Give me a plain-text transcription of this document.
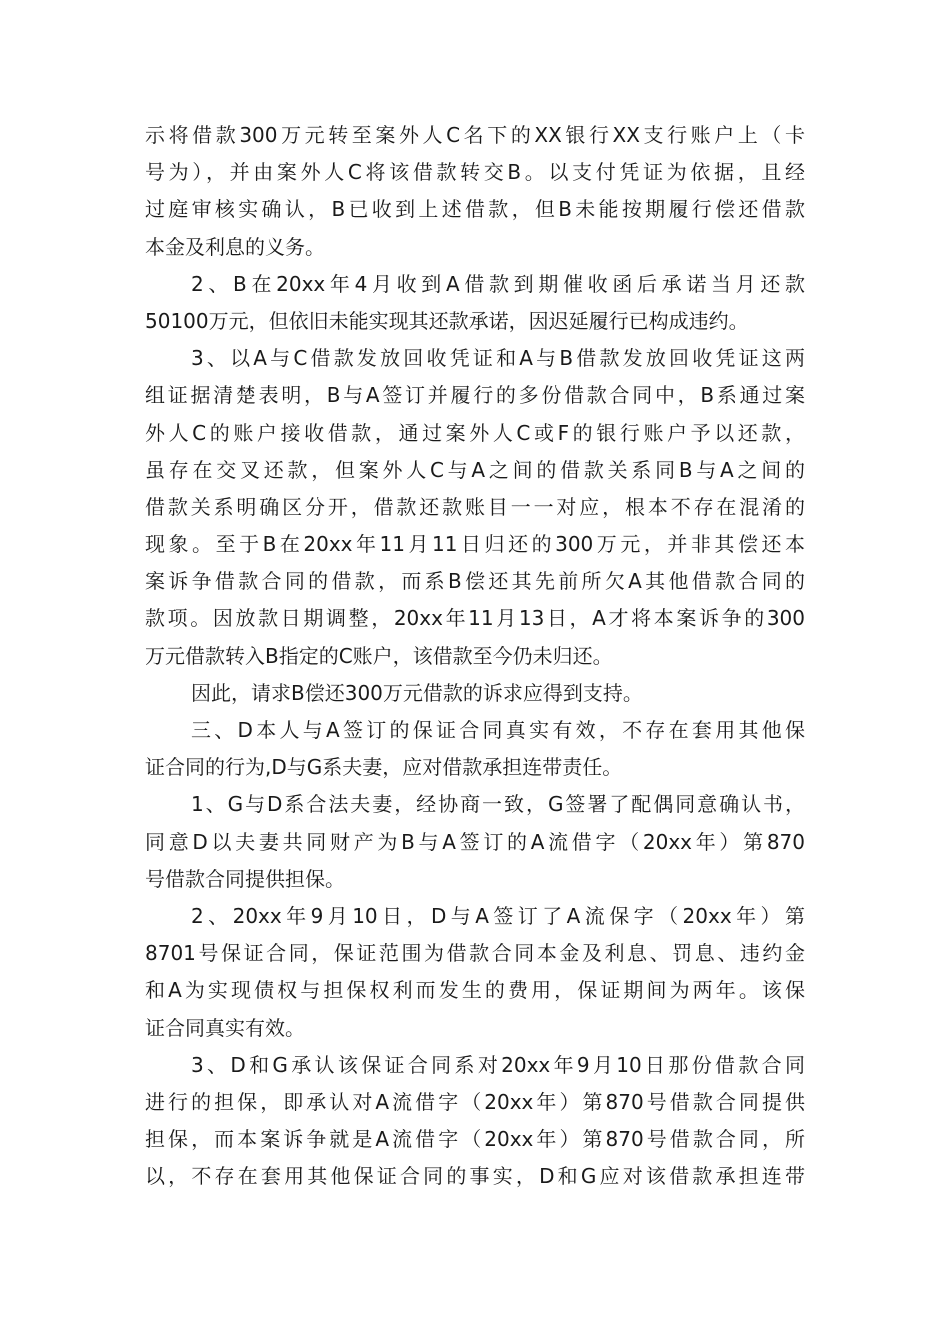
示将借款300万元转至案外人C名下的XX银行XX支行账户上（卡
号为），并由案外人C将该借款转交B。以支付凭证为依据，且经
过庭审核实确认，B已收到上述借款，但B未能按期履行偿还借款
本金及利息的义务。
2、B在20xx年4月收到A借款到期催收函后承诺当月还款
50100万元，但依旧未能实现其还款承诺，因迟延履行已构成违约。
3、以A与C借款发放回收凭证和A与B借款发放回收凭证这两
组证据清楚表明，B与A签订并履行的多份借款合同中，B系通过案
外人C的账户接收借款，通过案外人C或F的银行账户予以还款，
虽存在交叉还款，但案外人C与A之间的借款关系同B与A之间的
借款关系明确区分开，借款还款账目一一对应，根本不存在混淆的
现象。至于B在20xx年11月11日归还的300万元，并非其偿还本
案诉争借款合同的借款，而系B偿还其先前所欠A其他借款合同的
款项。因放款日期调整，20xx年11月13日，A才将本案诉争的300
万元借款转入B指定的C账户，该借款至今仍未归还。
因此，请求B偿还300万元借款的诉求应得到支持。
三、D本人与A签订的保证合同真实有效，不存在套用其他保
证合同的行为,D与G系夫妻，应对借款承担连带责任。
1、G与D系合法夫妻，经协商一致，G签署了配偶同意确认书，
同意D以夫妻共同财产为B与A签订的A流借字（20xx年）第870
号借款合同提供担保。
2、20xx年9月10日，D与A签订了A流保字（20xx年）第
8701号保证合同，保证范围为借款合同本金及利息、罚息、违约金
和A为实现债权与担保权利而发生的费用，保证期间为两年。该保
证合同真实有效。
3、D和G承认该保证合同系对20xx年9月10日那份借款合同
进行的担保，即承认对A流借字（20xx年）第870号借款合同提供
担保，而本案诉争就是A流借字（20xx年）第870号借款合同，所
以，不存在套用其他保证合同的事实，D和G应对该借款承担连带
